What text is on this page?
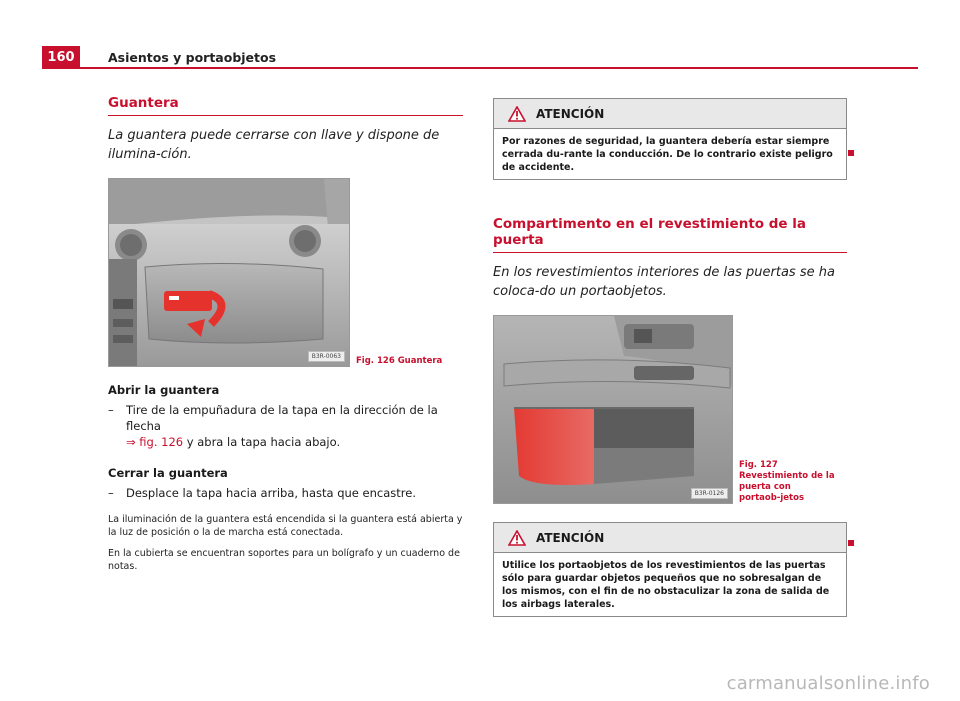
160	Asientos y portaobjetos
Guantera
La guantera puede cerrarse con llave y dispone de ilumina-ción.
B3R-0063	Fig. 126 Guantera
Abrir la guantera
–	Tire de la empuñadura de la tapa en la dirección de la flecha
⇒ fig. 126 y abra la tapa hacia abajo.
Cerrar la guantera
–	Desplace la tapa hacia arriba, hasta que encastre.
La iluminación de la guantera está encendida si la guantera está abierta y la luz de posición o la de marcha está conectada.
En la cubierta se encuentran soportes para un bolígrafo y un cuaderno de notas.
ATENCIÓN
Por razones de seguridad, la guantera debería estar siempre cerrada du-rante la conducción. De lo contrario existe peligro de accidente.
Compartimento en el revestimiento de la puerta
En los revestimientos interiores de las puertas se ha coloca-do un portaobjetos.
B3R-0126
Fig. 127 Revestimiento de la puerta con portaob-jetos
ATENCIÓN
Utilice los portaobjetos de los revestimientos de las puertas sólo para guardar objetos pequeños que no sobresalgan de los mismos, con el fin de no obstaculizar la zona de salida de los airbags laterales.
carmanualsonline.info
